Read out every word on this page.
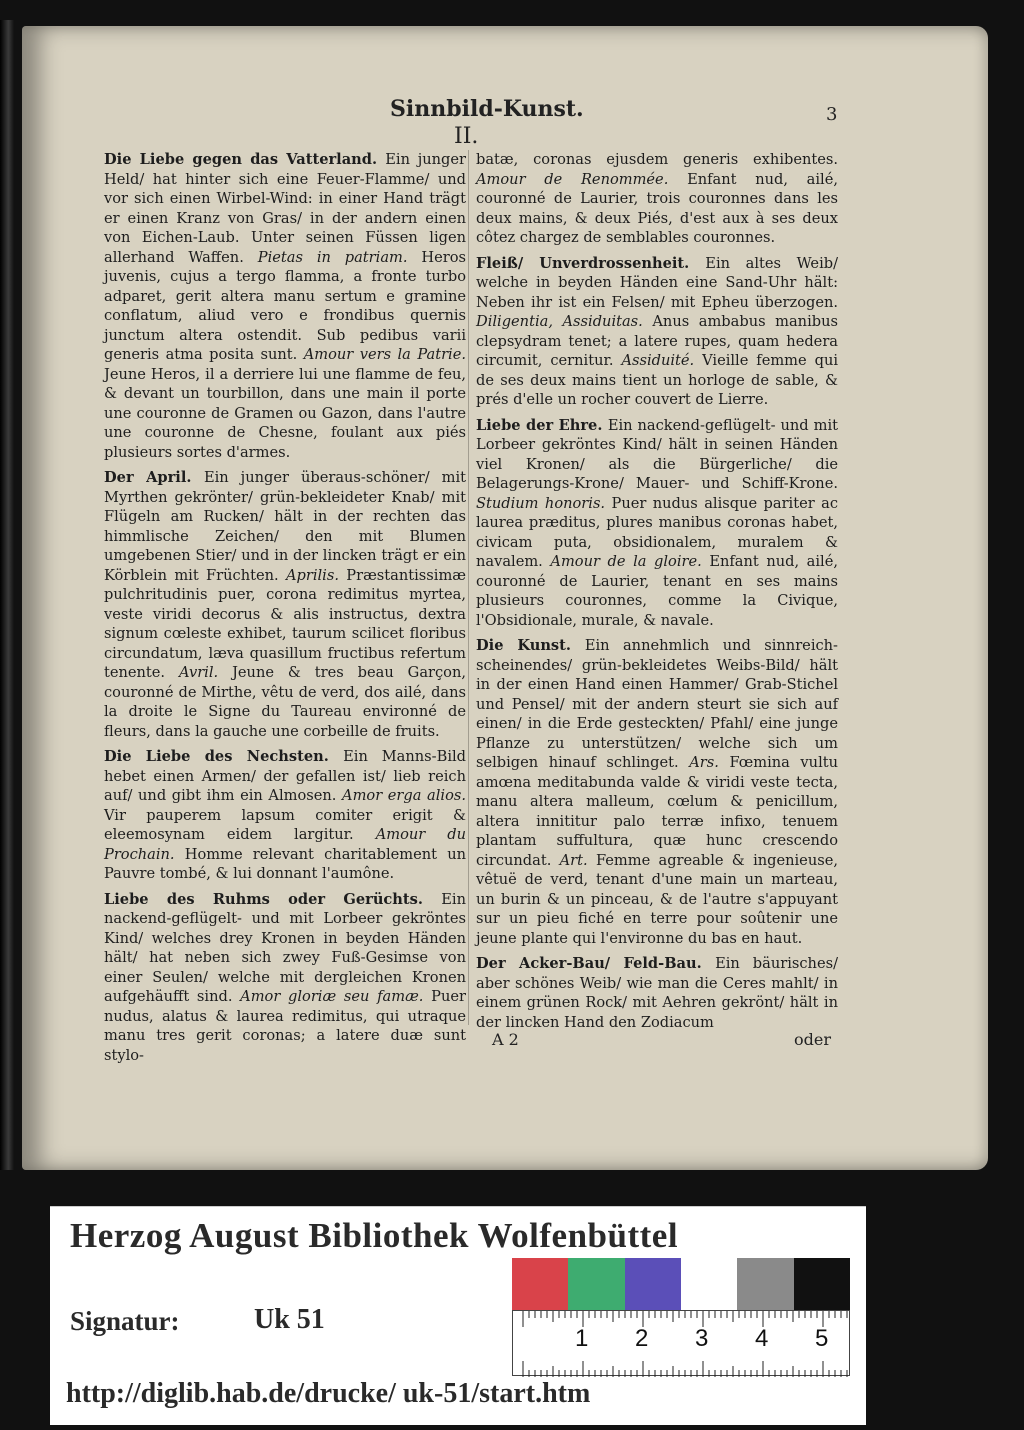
Sinnbild-Kunst.	3
II.

Die Liebe gegen das Vatterland. Ein junger Held/ hat hinter sich eine Feuer-Flamme/ und vor sich einen Wirbel-Wind: in einer Hand trägt er einen Kranz von Gras/ in der andern einen von Eichen-Laub. Unter seinen Füssen ligen allerhand Waffen. Pietas in patriam. Heros juvenis, cujus a tergo flamma, a fronte turbo adparet, gerit altera manu sertum e gramine conflatum, aliud vero e frondibus quernis junctum altera ostendit. Sub pedibus varii generis atma posita sunt. Amour vers la Patrie. Jeune Heros, il a derriere lui une flamme de feu, & devant un tourbillon, dans une main il porte une couronne de Gramen ou Gazon, dans l'autre une couronne de Chesne, foulant aux piés plusieurs sortes d'armes.

Der April. Ein junger überaus-schöner/ mit Myrthen gekrönter/ grün-bekleideter Knab/ mit Flügeln am Rucken/ hält in der rechten das himmlische Zeichen/ den mit Blumen umgebenen Stier/ und in der lincken trägt er ein Körblein mit Früchten. Aprilis. Præstantissimæ pulchritudinis puer, corona redimitus myrtea, veste viridi decorus & alis instructus, dextra signum cœleste exhibet, taurum scilicet floribus circundatum, læva quasillum fructibus refertum tenente. Avril. Jeune & tres beau Garçon, couronné de Mirthe, vêtu de verd, dos ailé, dans la droite le Signe du Taureau environné de fleurs, dans la gauche une corbeille de fruits.

Die Liebe des Nechsten. Ein Manns-Bild hebet einen Armen/ der gefallen ist/ lieb reich auf/ und gibt ihm ein Almosen. Amor erga alios. Vir pauperem lapsum comiter erigit & eleemosynam eidem largitur. Amour du Prochain. Homme relevant charitablement un Pauvre tombé, & lui donnant l'aumône.

Liebe des Ruhms oder Gerüchts. Ein nackend-geflügelt- und mit Lorbeer gekröntes Kind/ welches drey Kronen in beyden Händen hält/ hat neben sich zwey Fuß-Gesimse von einer Seulen/ welche mit dergleichen Kronen aufgehäufft sind. Amor gloriæ seu famæ. Puer nudus, alatus & laurea redimitus, qui utraque manu tres gerit coronas; a latere duæ sunt stylo-

batæ, coronas ejusdem generis exhibentes. Amour de Renommée. Enfant nud, ailé, couronné de Laurier, trois couronnes dans les deux mains, & deux Piés, d'est aux à ses deux côtez chargez de semblables couronnes.

Fleiß/ Unverdrossenheit. Ein altes Weib/ welche in beyden Händen eine Sand-Uhr hält: Neben ihr ist ein Felsen/ mit Epheu überzogen. Diligentia, Assiduitas. Anus ambabus manibus clepsydram tenet; a latere rupes, quam hedera circumit, cernitur. Assiduité. Vieille femme qui de ses deux mains tient un horloge de sable, & prés d'elle un rocher couvert de Lierre.

Liebe der Ehre. Ein nackend-geflügelt- und mit Lorbeer gekröntes Kind/ hält in seinen Händen viel Kronen/ als die Bürgerliche/ die Belagerungs-Krone/ Mauer- und Schiff-Krone. Studium honoris. Puer nudus alisque pariter ac laurea præditus, plures manibus coronas habet, civicam puta, obsidionalem, muralem & navalem. Amour de la gloire. Enfant nud, ailé, couronné de Laurier, tenant en ses mains plusieurs couronnes, comme la Civique, l'Obsidionale, murale, & navale.

Die Kunst. Ein annehmlich und sinnreich-scheinendes/ grün-bekleidetes Weibs-Bild/ hält in der einen Hand einen Hammer/ Grab-Stichel und Pensel/ mit der andern steurt sie sich auf einen/ in die Erde gesteckten/ Pfahl/ eine junge Pflanze zu unterstützen/ welche sich um selbigen hinauf schlinget. Ars. Fœmina vultu amœna meditabunda valde & viridi veste tecta, manu altera malleum, cœlum & penicillum, altera innititur palo terræ infixo, tenuem plantam suffultura, quæ hunc crescendo circundat. Art. Femme agreable & ingenieuse, vêtuë de verd, tenant d'une main un marteau, un burin & un pinceau, & de l'autre s'appuyant sur un pieu fiché en terre pour soûtenir une jeune plante qui l'environne du bas en haut.

Der Acker-Bau/ Feld-Bau. Ein bäurisches/ aber schönes Weib/ wie man die Ceres mahlt/ in einem grünen Rock/ mit Aehren gekrönt/ hält in der lincken Hand den Zodiacum

A 2	oder
Herzog August Bibliothek Wolfenbüttel
Signatur:	Uk 51
http://diglib.hab.de/drucke/ uk-51/start.htm
1 2 3 4 5
